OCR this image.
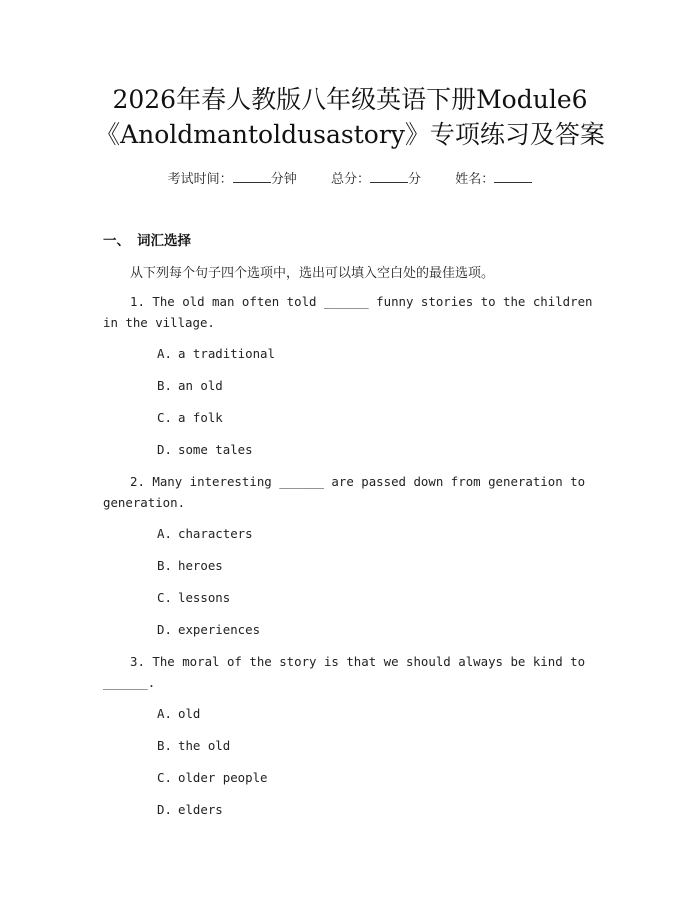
2026年春人教版八年级英语下册Module6
《Anoldmantoldusastory》专项练习及答案
考试时间：	分钟	总分：	分	姓名：
一、 词汇选择
从下列每个句子四个选项中，选出可以填入空白处的最佳选项。
1. The old man often told ______ funny stories to the children in the village.
A. a traditional
B. an old
C. a folk
D. some tales
2. Many interesting ______ are passed down from generation to generation.
A. characters
B. heroes
C. lessons
D. experiences
3. The moral of the story is that we should always be kind to ______.
A. old
B. the old
C. older people
D. elders
